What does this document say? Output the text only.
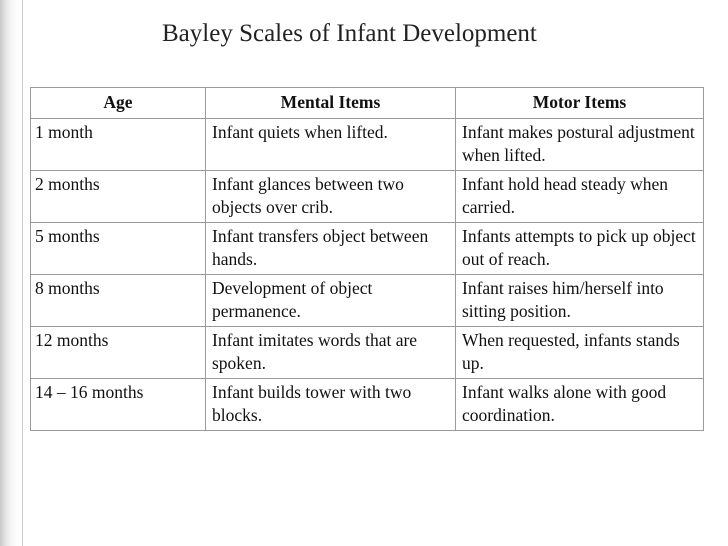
Bayley Scales of Infant Development
Age	Mental Items	Motor Items
1 month	Infant quiets when lifted.	Infant makes postural adjustment when lifted.
2 months	Infant glances between two objects over crib.	Infant hold head steady when carried.
5 months	Infant transfers object between hands.	Infants attempts to pick up object out of reach.
8 months	Development of object permanence.	Infant raises him/herself into sitting position.
12 months	Infant imitates words that are spoken.	When requested, infants stands up.
14 – 16 months	Infant builds tower with two blocks.	Infant walks alone with good coordination.
